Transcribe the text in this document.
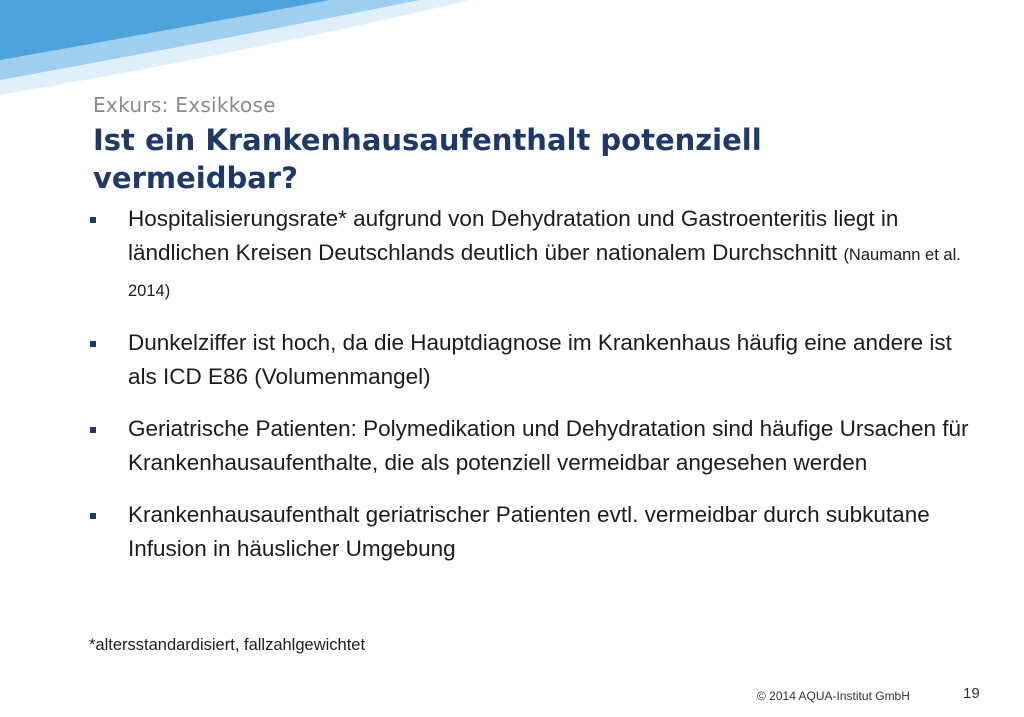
Exkurs: Exsikkose
Ist ein Krankenhausaufenthalt potenziell vermeidbar?
Hospitalisierungsrate* aufgrund von Dehydratation und Gastroenteritis liegt in ländlichen Kreisen Deutschlands deutlich über nationalem Durchschnitt (Naumann et al. 2014)
Dunkelziffer ist hoch, da die Hauptdiagnose im Krankenhaus häufig eine andere ist als ICD E86 (Volumenmangel)
Geriatrische Patienten: Polymedikation und Dehydratation sind häufige Ursachen für Krankenhausaufenthalte, die als potenziell vermeidbar angesehen werden
Krankenhausaufenthalt geriatrischer Patienten evtl. vermeidbar durch subkutane Infusion in häuslicher Umgebung
*altersstandardisiert, fallzahlgewichtet
© 2014 AQUA-Institut GmbH	19
